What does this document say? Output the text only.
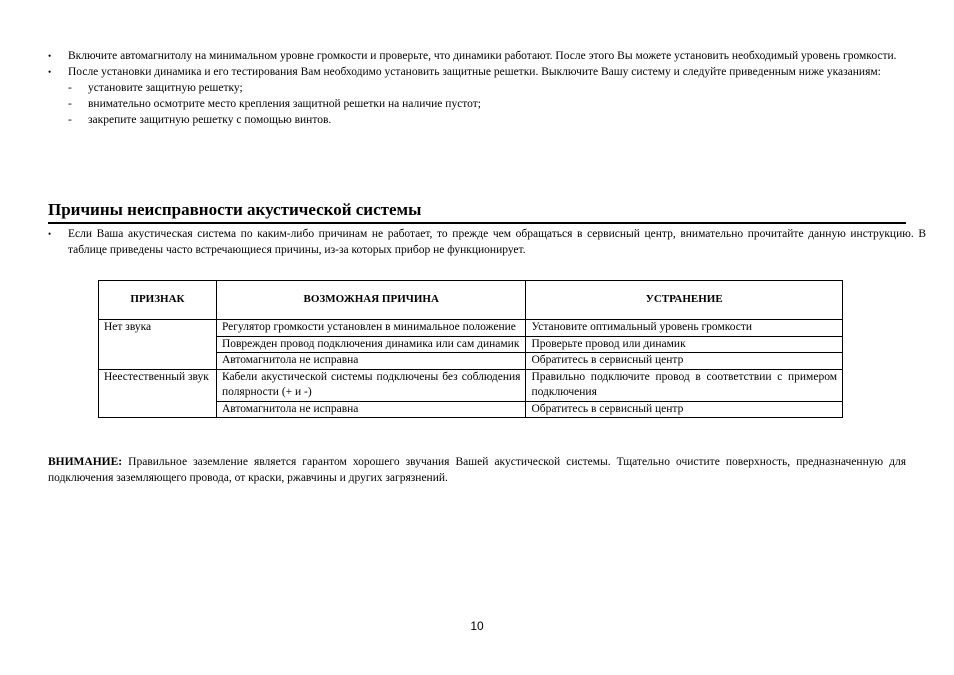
• Включите автомагнитолу на минимальном уровне громкости и проверьте, что динамики работают. После этого Вы можете установить необходимый уровень громкости.
• После установки динамика и его тестирования Вам необходимо установить защитные решетки. Выключите Вашу систему и следуйте приведенным ниже указаниям:
- установите защитную решетку;
- внимательно осмотрите место крепления защитной решетки на наличие пустот;
- закрепите защитную решетку с помощью винтов.
Причины неисправности акустической системы
• Если Ваша акустическая система по каким-либо причинам не работает, то прежде чем обращаться в сервисный центр, внимательно прочитайте данную инструкцию. В таблице приведены часто встречающиеся причины, из-за которых прибор не функционирует.
ПРИЗНАК	ВОЗМОЖНАЯ ПРИЧИНА	УСТРАНЕНИЕ
Нет звука	Регулятор громкости установлен в минимальное положение	Установите оптимальный уровень громкости
	Поврежден провод подключения динамика или сам динамик	Проверьте провод или динамик
	Автомагнитола не исправна	Обратитесь в сервисный центр
Неестественный звук	Кабели акустической системы подключены без соблюдения полярности (+ и -)	Правильно подключите провод в соответствии с примером подключения
	Автомагнитола не исправна	Обратитесь в сервисный центр
ВНИМАНИЕ: Правильное заземление является гарантом хорошего звучания Вашей акустической системы. Тщательно очистите поверхность, предназначенную для подключения заземляющего провода, от краски, ржавчины и других загрязнений.
10
